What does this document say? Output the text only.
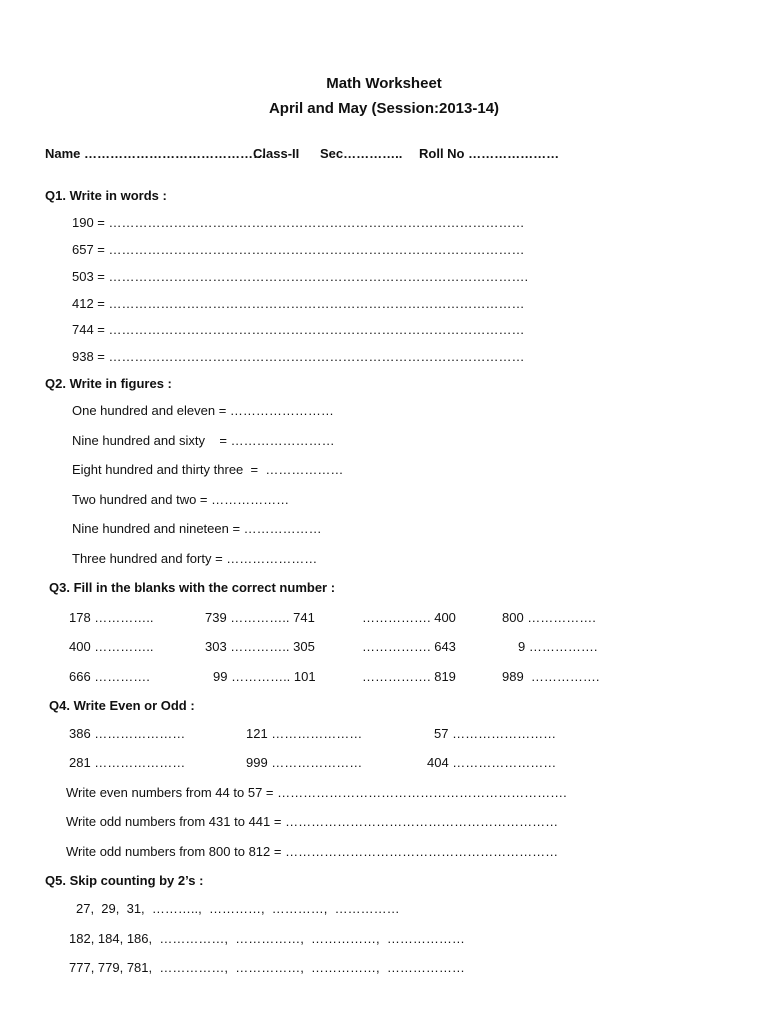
Math Worksheet
April and May (Session:2013-14)
Name ……………………………………
Class-II Sec………….. Roll No …………………
Q1. Write in words :
190 = ……………………………………………………………………………………
657 = ……………………………………………………………………………………
503 = …………………………………………………………………………………….
412 = ……………………………………………………………………………………
744 = ……………………………………………………………………………………
938 = ……………………………………………………………………………………
Q2. Write in figures :
One hundred and eleven = ……………………
Nine hundred and sixty    = ……………………
Eight hundred and thirty three  =  ………………
Two hundred and two = ………………
Nine hundred and nineteen = ………………
Three hundred and forty = …………………
Q3. Fill in the blanks with the correct number :
178 …………..	739 ………….. 741	……………. 400	800 …………….
400 …………..	303 ………….. 305	……………. 643	9 …………….
666 ………….	99 ………….. 101	……………. 819	989  …………….
Q4. Write Even or Odd :
386 …………………	121 …………………	57 ……………………
281 …………………	999 …………………	404 ……………………
Write even numbers from 44 to 57 = ………………………………………………………….
Write odd numbers from 431 to 441 = ………………………………………………………
Write odd numbers from 800 to 812 = ………………………………………………………
Q5. Skip counting by 2’s :
27,  29,  31,  ………..,  …………,  …………,  ……………
182, 184, 186,  ……………,  ……………,  ……………,  ………………
777, 779, 781,  ……………,  ……………,  ……………,  ………………
